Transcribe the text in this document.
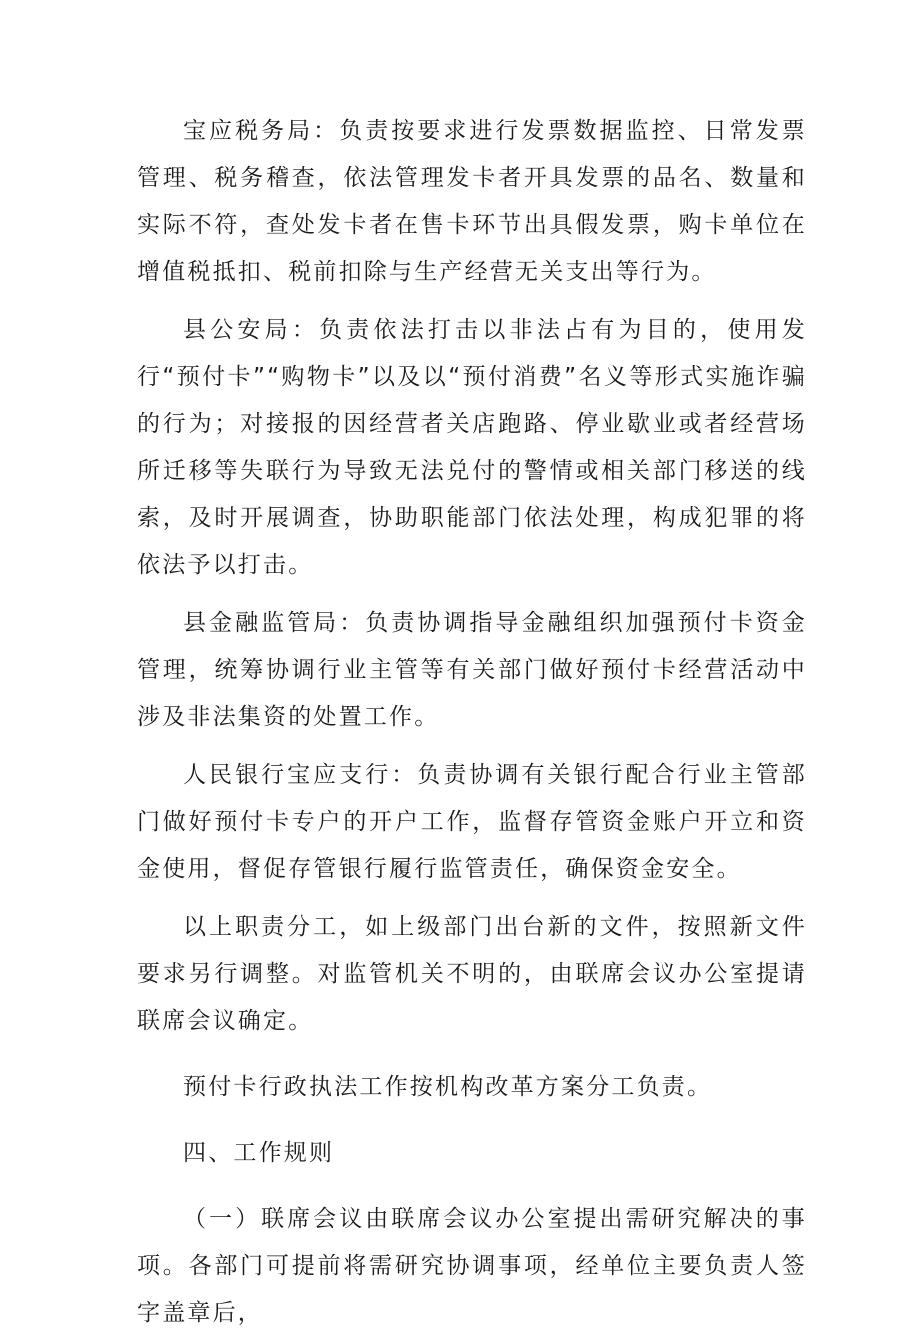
宝应税务局：负责按要求进行发票数据监控、日常发票管理、税务稽查，依法管理发卡者开具发票的品名、数量和实际不符，查处发卡者在售卡环节出具假发票，购卡单位在增值税抵扣、税前扣除与生产经营无关支出等行为。

县公安局：负责依法打击以非法占有为目的，使用发行“预付卡”“购物卡”以及以“预付消费”名义等形式实施诈骗的行为；对接报的因经营者关店跑路、停业歇业或者经营场所迁移等失联行为导致无法兑付的警情或相关部门移送的线索，及时开展调查，协助职能部门依法处理，构成犯罪的将依法予以打击。

县金融监管局：负责协调指导金融组织加强预付卡资金管理，统筹协调行业主管等有关部门做好预付卡经营活动中涉及非法集资的处置工作。

人民银行宝应支行：负责协调有关银行配合行业主管部门做好预付卡专户的开户工作，监督存管资金账户开立和资金使用，督促存管银行履行监管责任，确保资金安全。

以上职责分工，如上级部门出台新的文件，按照新文件要求另行调整。对监管机关不明的，由联席会议办公室提请联席会议确定。

预付卡行政执法工作按机构改革方案分工负责。

四、工作规则

（一）联席会议由联席会议办公室提出需研究解决的事项。各部门可提前将需研究协调事项，经单位主要负责人签字盖章后，
